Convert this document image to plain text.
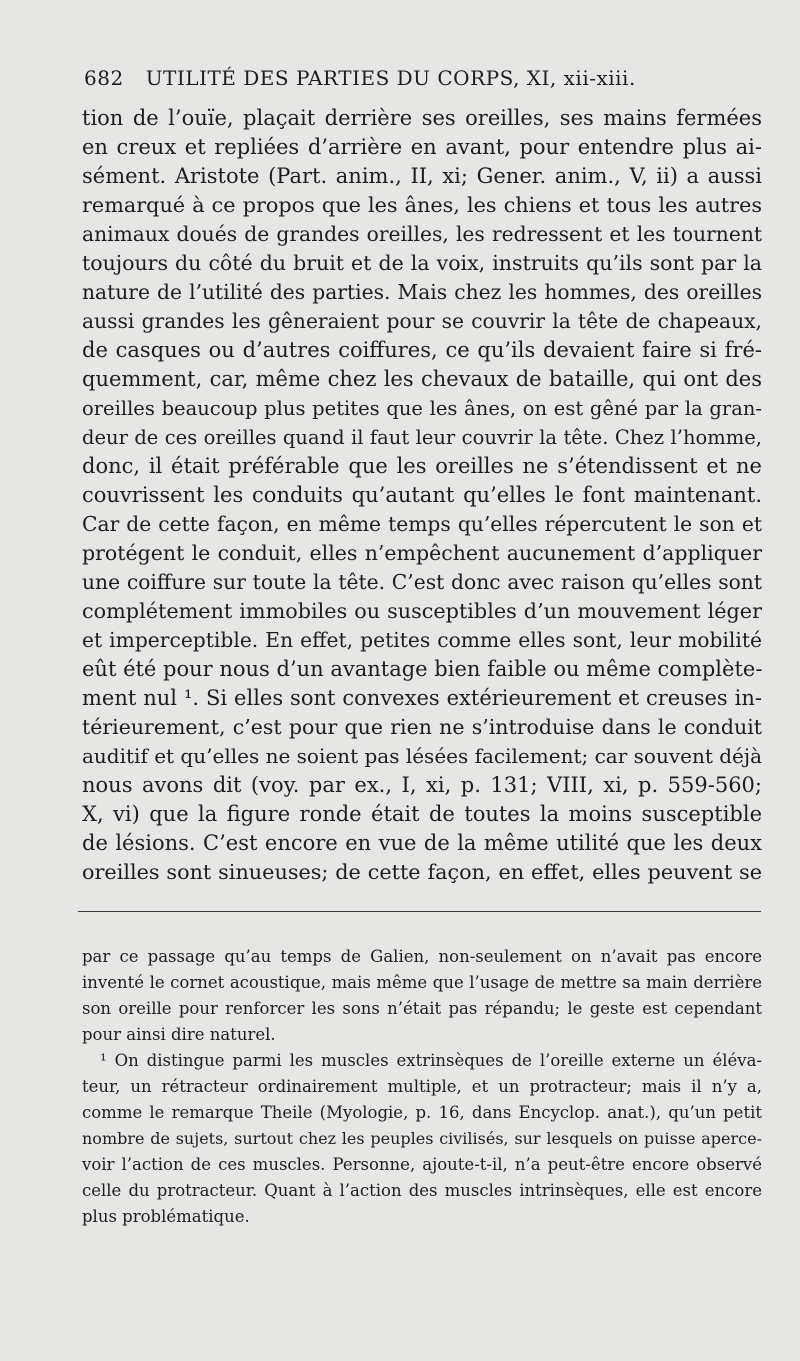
682 UTILITÉ DES PARTIES DU CORPS, XI, xii-xiii.
tion de l’ouïe, plaçait derrière ses oreilles, ses mains fermées
en creux et repliées d’arrière en avant, pour entendre plus ai-
sément. Aristote (Part. anim., II, xi; Gener. anim., V, ii) a aussi
remarqué à ce propos que les ânes, les chiens et tous les autres
animaux doués de grandes oreilles, les redressent et les tournent
toujours du côté du bruit et de la voix, instruits qu’ils sont par la
nature de l’utilité des parties. Mais chez les hommes, des oreilles
aussi grandes les gêneraient pour se couvrir la tête de chapeaux,
de casques ou d’autres coiffures, ce qu’ils devaient faire si fré-
quemment, car, même chez les chevaux de bataille, qui ont des
oreilles beaucoup plus petites que les ânes, on est gêné par la gran-
deur de ces oreilles quand il faut leur couvrir la tête. Chez l’homme,
donc, il était préférable que les oreilles ne s’étendissent et ne
couvrissent les conduits qu’autant qu’elles le font maintenant.
Car de cette façon, en même temps qu’elles répercutent le son et
protégent le conduit, elles n’empêchent aucunement d’appliquer
une coiffure sur toute la tête. C’est donc avec raison qu’elles sont
complétement immobiles ou susceptibles d’un mouvement léger
et imperceptible. En effet, petites comme elles sont, leur mobilité
eût été pour nous d’un avantage bien faible ou même complète-
ment nul ¹. Si elles sont convexes extérieurement et creuses in-
térieurement, c’est pour que rien ne s’introduise dans le conduit
auditif et qu’elles ne soient pas lésées facilement; car souvent déjà
nous avons dit (voy. par ex., I, xi, p. 131; VIII, xi, p. 559-560;
X, vi) que la figure ronde était de toutes la moins susceptible
de lésions. C’est encore en vue de la même utilité que les deux
oreilles sont sinueuses; de cette façon, en effet, elles peuvent se
par ce passage qu’au temps de Galien, non-seulement on n’avait pas encore
inventé le cornet acoustique, mais même que l’usage de mettre sa main derrière
son oreille pour renforcer les sons n’était pas répandu; le geste est cependant
pour ainsi dire naturel.
¹ On distingue parmi les muscles extrinsèques de l’oreille externe un éléva-
teur, un rétracteur ordinairement multiple, et un protracteur; mais il n’y a,
comme le remarque Theile (Myologie, p. 16, dans Encyclop. anat.), qu’un petit
nombre de sujets, surtout chez les peuples civilisés, sur lesquels on puisse aperce-
voir l’action de ces muscles. Personne, ajoute-t-il, n’a peut-être encore observé
celle du protracteur. Quant à l’action des muscles intrinsèques, elle est encore
plus problématique.
